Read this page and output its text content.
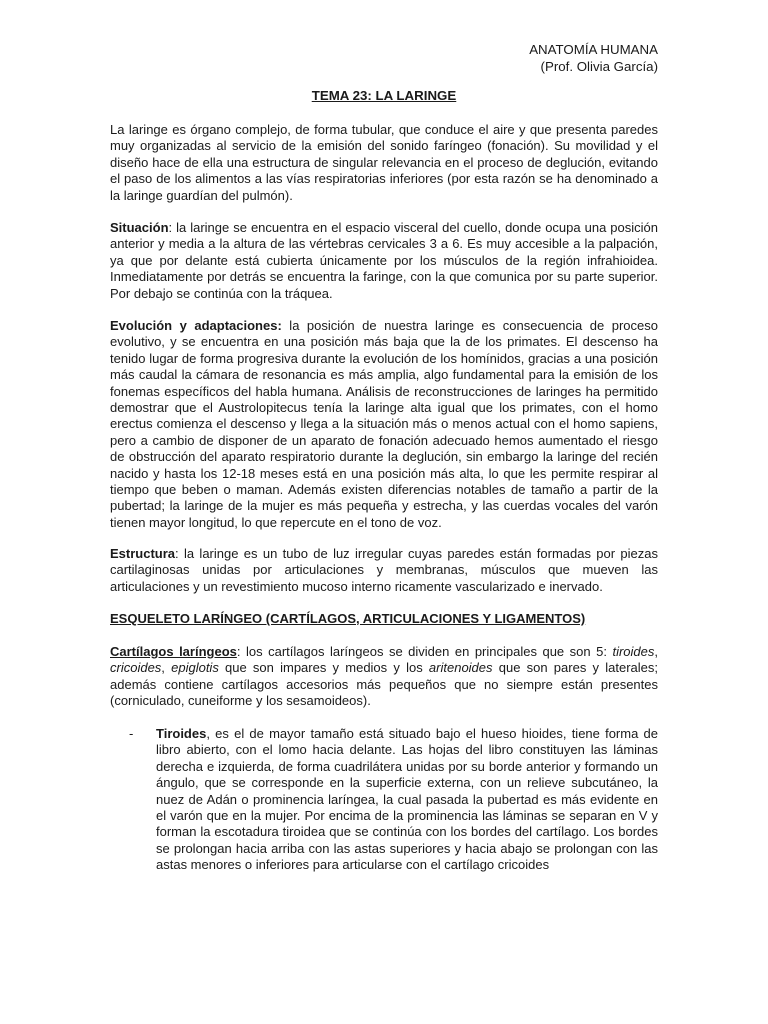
ANATOMÍA HUMANA
(Prof. Olivia García)
TEMA 23: LA LARINGE

La laringe es órgano complejo, de forma tubular, que conduce el aire y que presenta paredes muy organizadas al servicio de la emisión del sonido faríngeo (fonación). Su movilidad y el diseño hace de ella una estructura de singular relevancia en el proceso de deglución, evitando el paso de los alimentos a las vías respiratorias inferiores (por esta razón se ha denominado a la laringe guardían del pulmón).

Situación: la laringe se encuentra en el espacio visceral del cuello, donde ocupa una posición anterior y media a la altura de las vértebras cervicales 3 a 6. Es muy accesible a la palpación, ya que por delante está cubierta únicamente por los músculos de la región infrahioidea. Inmediatamente por detrás se encuentra la faringe, con la que comunica por su parte superior. Por debajo se continúa con la tráquea.

Evolución y adaptaciones: la posición de nuestra laringe es consecuencia de proceso evolutivo, y se encuentra en una posición más baja que la de los primates. El descenso ha tenido lugar de forma progresiva durante la evolución de los homínidos, gracias a una posición más caudal la cámara de resonancia es más amplia, algo fundamental para la emisión de los fonemas específicos del habla humana. Análisis de reconstrucciones de laringes ha permitido demostrar que el Austrolopitecus tenía la laringe alta igual que los primates, con el homo erectus comienza el descenso y llega a la situación más o menos actual con el homo sapiens, pero a cambio de disponer de un aparato de fonación adecuado hemos aumentado el riesgo de obstrucción del aparato respiratorio durante la deglución, sin embargo la laringe del recién nacido y hasta los 12-18 meses está en una posición más alta, lo que les permite respirar al tiempo que beben o maman. Además existen diferencias notables de tamaño a partir de la pubertad; la laringe de la mujer es más pequeña y estrecha, y las cuerdas vocales del varón tienen mayor longitud, lo que repercute en el tono de voz.

Estructura: la laringe es un tubo de luz irregular cuyas paredes están formadas por piezas cartilaginosas unidas por articulaciones y membranas, músculos que mueven las articulaciones y un revestimiento mucoso interno ricamente vascularizado e inervado.

ESQUELETO LARÍNGEO (CARTÍLAGOS, ARTICULACIONES Y LIGAMENTOS)

Cartílagos laríngeos: los cartílagos laríngeos se dividen en principales que son 5: tiroides, cricoides, epiglotis que son impares y medios y los aritenoides que son pares y laterales; además contiene cartílagos accesorios más pequeños que no siempre están presentes (corniculado, cuneiforme y los sesamoideos).

- Tiroides, es el de mayor tamaño está situado bajo el hueso hioides, tiene forma de libro abierto, con el lomo hacia delante. Las hojas del libro constituyen las láminas derecha e izquierda, de forma cuadrilátera unidas por su borde anterior y formando un ángulo, que se corresponde en la superficie externa, con un relieve subcutáneo, la nuez de Adán o prominencia laríngea, la cual pasada la pubertad es más evidente en el varón que en la mujer. Por encima de la prominencia las láminas se separan en V y forman la escotadura tiroidea que se continúa con los bordes del cartílago. Los bordes se prolongan hacia arriba con las astas superiores y hacia abajo se prolongan con las astas menores o inferiores para articularse con el cartílago cricoides
